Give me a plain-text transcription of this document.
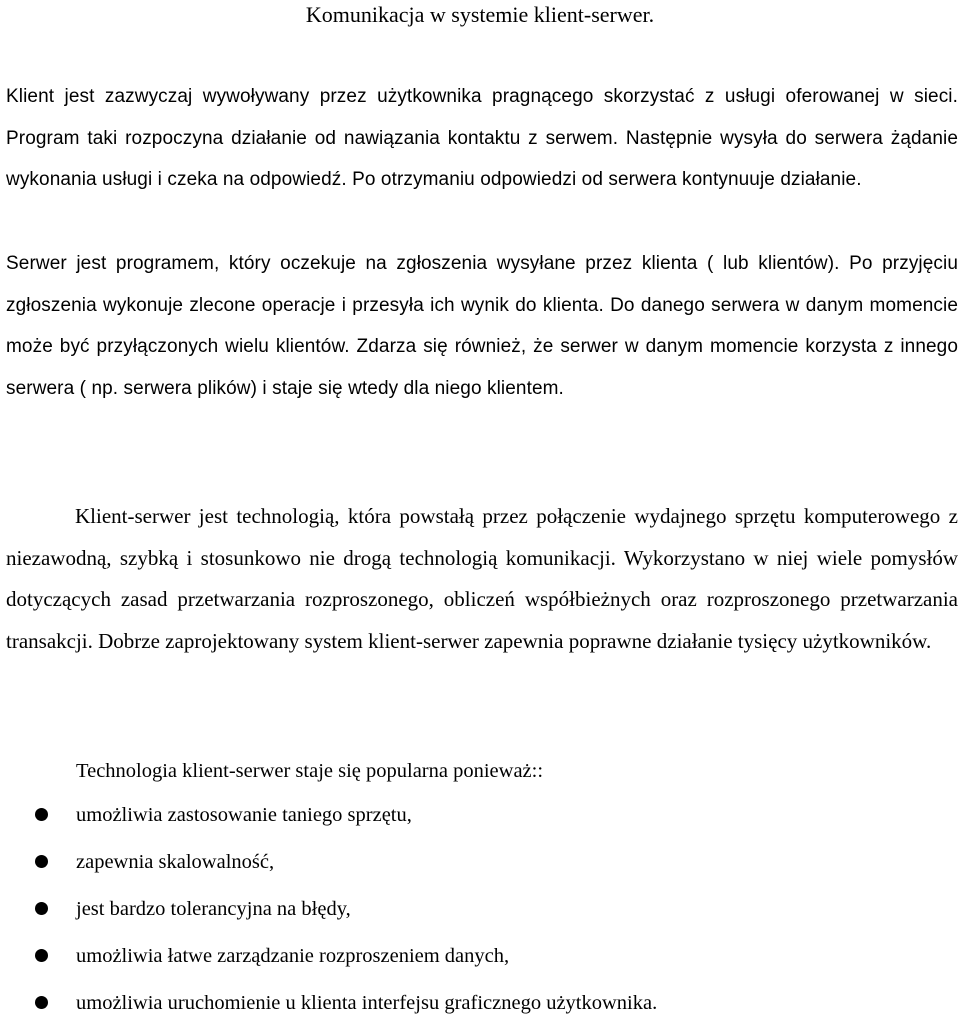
Komunikacja w systemie klient-serwer.

Klient jest zazwyczaj wywoływany przez użytkownika pragnącego skorzystać z usługi oferowanej w sieci. Program taki rozpoczyna działanie od nawiązania kontaktu z serwem. Następnie wysyła do serwera żądanie wykonania usługi i czeka na odpowiedź. Po otrzymaniu odpowiedzi od serwera kontynuuje działanie.

Serwer jest programem, który oczekuje na zgłoszenia wysyłane przez klienta ( lub klientów). Po przyjęciu zgłoszenia wykonuje zlecone operacje i przesyła ich wynik do klienta. Do danego serwera w danym momencie może być przyłączonych wielu klientów. Zdarza się również, że serwer w danym momencie korzysta z innego serwera ( np. serwera plików) i staje się wtedy dla niego klientem.

Klient-serwer jest technologią, która powstałą przez połączenie wydajnego sprzętu komputerowego z niezawodną, szybką i stosunkowo nie drogą technologią komunikacji. Wykorzystano w niej wiele pomysłów dotyczących zasad przetwarzania rozproszonego, obliczeń współbieżnych oraz rozproszonego przetwarzania transakcji. Dobrze zaprojektowany system klient-serwer zapewnia poprawne działanie tysięcy użytkowników.

Technologia klient-serwer staje się popularna ponieważ::

umożliwia zastosowanie taniego sprzętu,
zapewnia skalowalność,
jest bardzo tolerancyjna na błędy,
umożliwia łatwe zarządzanie rozproszeniem danych,
umożliwia uruchomienie u klienta interfejsu graficznego użytkownika.
